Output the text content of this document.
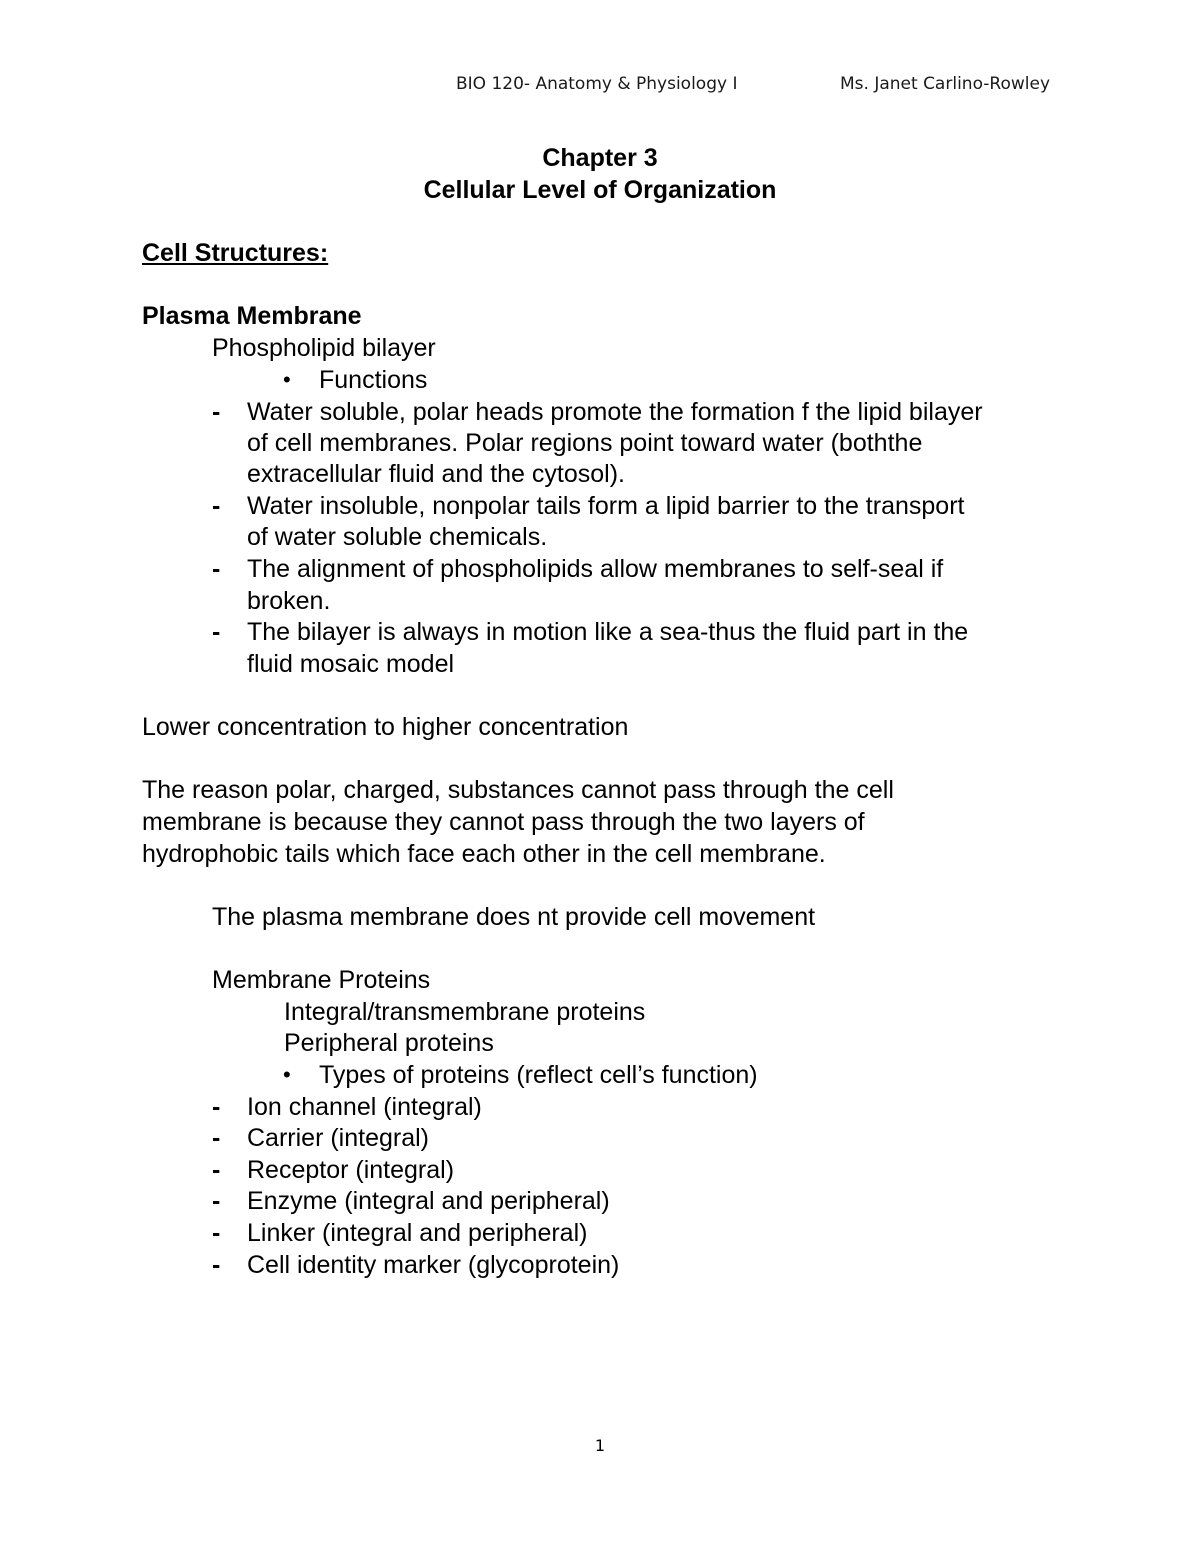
BIO 120- Anatomy & Physiology I	Ms. Janet Carlino-Rowley
Chapter 3
Cellular Level of Organization
Cell Structures:
Plasma Membrane
Phospholipid bilayer
• Functions
- Water soluble, polar heads promote the formation f the lipid bilayer
of cell membranes. Polar regions point toward water (boththe
extracellular fluid and the cytosol).
- Water insoluble, nonpolar tails form a lipid barrier to the transport
of water soluble chemicals.
- The alignment of phospholipids allow membranes to self-seal if
broken.
- The bilayer is always in motion like a sea-thus the fluid part in the
fluid mosaic model
Lower concentration to higher concentration
The reason polar, charged, substances cannot pass through the cell
membrane is because they cannot pass through the two layers of
hydrophobic tails which face each other in the cell membrane.
The plasma membrane does nt provide cell movement
Membrane Proteins
Integral/transmembrane proteins
Peripheral proteins
• Types of proteins (reflect cell’s function)
- Ion channel (integral)
- Carrier (integral)
- Receptor (integral)
- Enzyme (integral and peripheral)
- Linker (integral and peripheral)
- Cell identity marker (glycoprotein)
1
